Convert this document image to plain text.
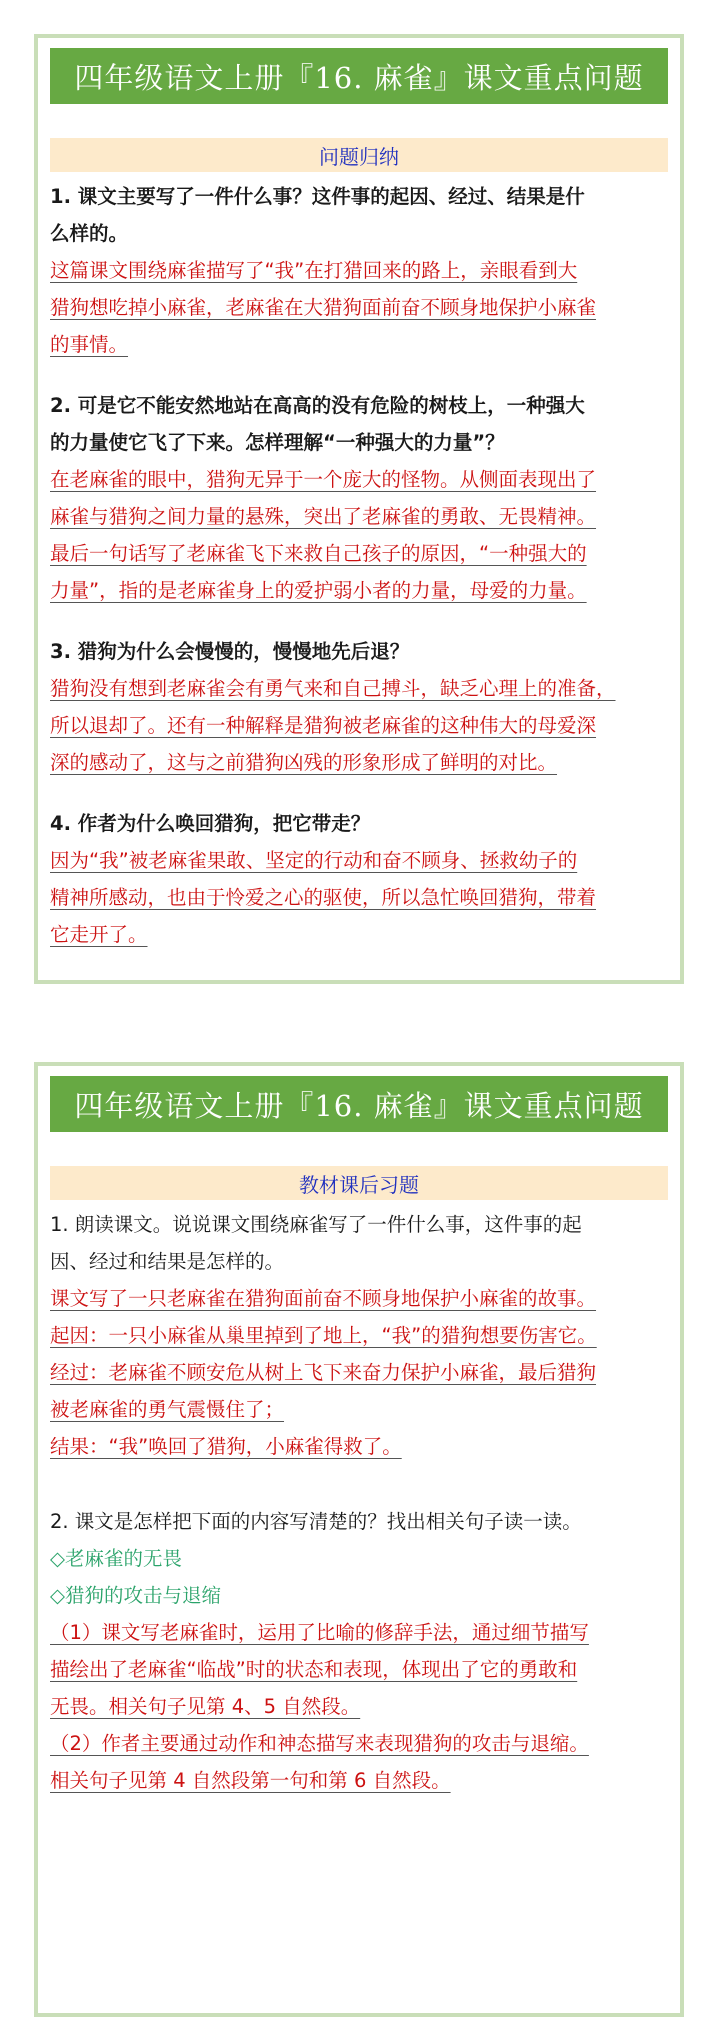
四年级语文上册『16. 麻雀』课文重点问题
问题归纳

1. 课文主要写了一件什么事？这件事的起因、经过、结果是什

么样的。

这篇课文围绕麻雀描写了“我”在打猎回来的路上，亲眼看到大

猎狗想吃掉小麻雀，老麻雀在大猎狗面前奋不顾身地保护小麻雀

的事情。

2. 可是它不能安然地站在高高的没有危险的树枝上，一种强大

的力量使它飞了下来。怎样理解“一种强大的力量”？

在老麻雀的眼中，猎狗无异于一个庞大的怪物。从侧面表现出了

麻雀与猎狗之间力量的悬殊，突出了老麻雀的勇敢、无畏精神。

最后一句话写了老麻雀飞下来救自己孩子的原因，“一种强大的

力量”，指的是老麻雀身上的爱护弱小者的力量，母爱的力量。

3. 猎狗为什么会慢慢的，慢慢地先后退？

猎狗没有想到老麻雀会有勇气来和自己搏斗，缺乏心理上的准备，

所以退却了。还有一种解释是猎狗被老麻雀的这种伟大的母爱深

深的感动了，这与之前猎狗凶残的形象形成了鲜明的对比。

4. 作者为什么唤回猎狗，把它带走？

因为“我”被老麻雀果敢、坚定的行动和奋不顾身、拯救幼子的

精神所感动，也由于怜爱之心的驱使，所以急忙唤回猎狗，带着

它走开了。

四年级语文上册『16. 麻雀』课文重点问题
教材课后习题

1. 朗读课文。说说课文围绕麻雀写了一件什么事，这件事的起

因、经过和结果是怎样的。

课文写了一只老麻雀在猎狗面前奋不顾身地保护小麻雀的故事。

起因：一只小麻雀从巢里掉到了地上，“我”的猎狗想要伤害它。

经过：老麻雀不顾安危从树上飞下来奋力保护小麻雀，最后猎狗

被老麻雀的勇气震慑住了；

结果：“我”唤回了猎狗，小麻雀得救了。

2. 课文是怎样把下面的内容写清楚的？找出相关句子读一读。

◇老麻雀的无畏

◇猎狗的攻击与退缩

（1）课文写老麻雀时，运用了比喻的修辞手法，通过细节描写

描绘出了老麻雀“临战”时的状态和表现，体现出了它的勇敢和

无畏。相关句子见第 4、5 自然段。

（2）作者主要通过动作和神态描写来表现猎狗的攻击与退缩。

相关句子见第 4 自然段第一句和第 6 自然段。
